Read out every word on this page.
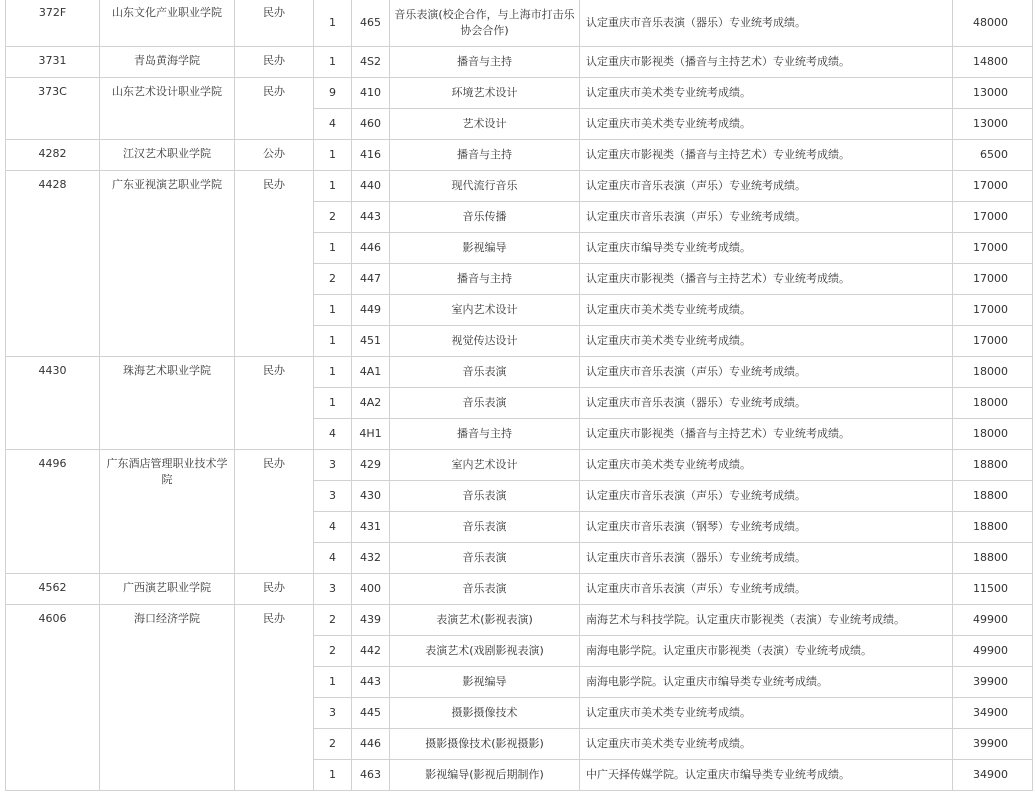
372F	山东文化产业职业学院	民办	1	465	音乐表演(校企合作，与上海市打击乐协会合作)	认定重庆市音乐表演（器乐）专业统考成绩。	48000
3731	青岛黄海学院	民办	1	4S2	播音与主持	认定重庆市影视类（播音与主持艺术）专业统考成绩。	14800
373C	山东艺术设计职业学院	民办	9	410	环境艺术设计	认定重庆市美术类专业统考成绩。	13000
			4	460	艺术设计	认定重庆市美术类专业统考成绩。	13000
4282	江汉艺术职业学院	公办	1	416	播音与主持	认定重庆市影视类（播音与主持艺术）专业统考成绩。	6500
4428	广东亚视演艺职业学院	民办	1	440	现代流行音乐	认定重庆市音乐表演（声乐）专业统考成绩。	17000
			2	443	音乐传播	认定重庆市音乐表演（声乐）专业统考成绩。	17000
			1	446	影视编导	认定重庆市编导类专业统考成绩。	17000
			2	447	播音与主持	认定重庆市影视类（播音与主持艺术）专业统考成绩。	17000
			1	449	室内艺术设计	认定重庆市美术类专业统考成绩。	17000
			1	451	视觉传达设计	认定重庆市美术类专业统考成绩。	17000
4430	珠海艺术职业学院	民办	1	4A1	音乐表演	认定重庆市音乐表演（声乐）专业统考成绩。	18000
			1	4A2	音乐表演	认定重庆市音乐表演（器乐）专业统考成绩。	18000
			4	4H1	播音与主持	认定重庆市影视类（播音与主持艺术）专业统考成绩。	18000
4496	广东酒店管理职业技术学院	民办	3	429	室内艺术设计	认定重庆市美术类专业统考成绩。	18800
			3	430	音乐表演	认定重庆市音乐表演（声乐）专业统考成绩。	18800
			4	431	音乐表演	认定重庆市音乐表演（钢琴）专业统考成绩。	18800
			4	432	音乐表演	认定重庆市音乐表演（器乐）专业统考成绩。	18800
4562	广西演艺职业学院	民办	3	400	音乐表演	认定重庆市音乐表演（声乐）专业统考成绩。	11500
4606	海口经济学院	民办	2	439	表演艺术(影视表演)	南海艺术与科技学院。认定重庆市影视类（表演）专业统考成绩。	49900
			2	442	表演艺术(戏剧影视表演)	南海电影学院。认定重庆市影视类（表演）专业统考成绩。	49900
			1	443	影视编导	南海电影学院。认定重庆市编导类专业统考成绩。	39900
			3	445	摄影摄像技术	认定重庆市美术类专业统考成绩。	34900
			2	446	摄影摄像技术(影视摄影)	认定重庆市美术类专业统考成绩。	39900
			1	463	影视编导(影视后期制作)	中广天择传媒学院。认定重庆市编导类专业统考成绩。	34900
